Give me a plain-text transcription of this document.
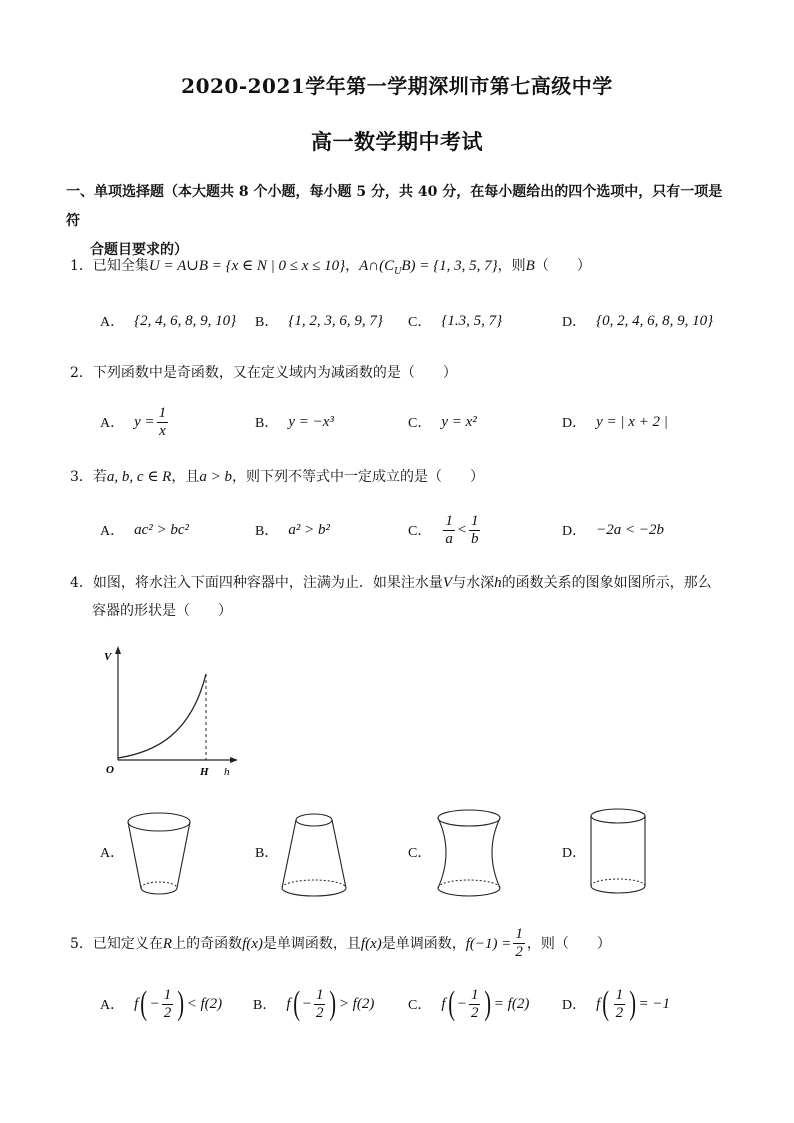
2020-2021学年第一学期深圳市第七高级中学
高一数学期中考试
一、单项选择题（本大题共 8 个小题，每小题 5 分，共 40 分，在每小题给出的四个选项中，只有一项是符
合题目要求的）
1．已知全集U = A∪B = {x ∈ N | 0 ≤ x ≤ 10}，$A\cap(C_UB) = \{1$, 3, 5, 7}，则B（　　）
A． {2, 4, 6, 8, 9, 10} B． {1, 2, 3, 6, 9, 7} C． {1.3, 5, 7}	D． {0, 2, 4, 6, 8, 9, 10}
2．下列函数中是奇函数，又在定义域内为减函数的是（　　）
A． $y = \frac{1}{x}$	B． y = −x³	C． y = x²	D． y = | x + 2 |
3．若a, b, c ∈ R，且a > b，则下列不等式中一定成立的是（　　）
A． ac² > bc²	B． a² > b²	C． $\frac{1}{a} < \frac{1}{b}$	D． −2a < −2b
4．如图，将水注入下面四种容器中，注满为止．如果注水量V与水深h的函数关系的图象如图所示，那么
容器的形状是（　　）
V
O	H h
A．	B．	C．	D．
5．已知定义在 R 上的奇函数 f(x) 是单调函数，且 f(x) 是单调函数， $f(-1) = \frac{1}{2}$ ，则（　　）
A． f ( − $\frac{1}{2}$ ) < f(2) B． f ( − $\frac{1}{2}$ ) > f(2) C． f ( − $\frac{1}{2}$ ) = f(2) D． f ( $\frac{1}{2}$ ) = −1
